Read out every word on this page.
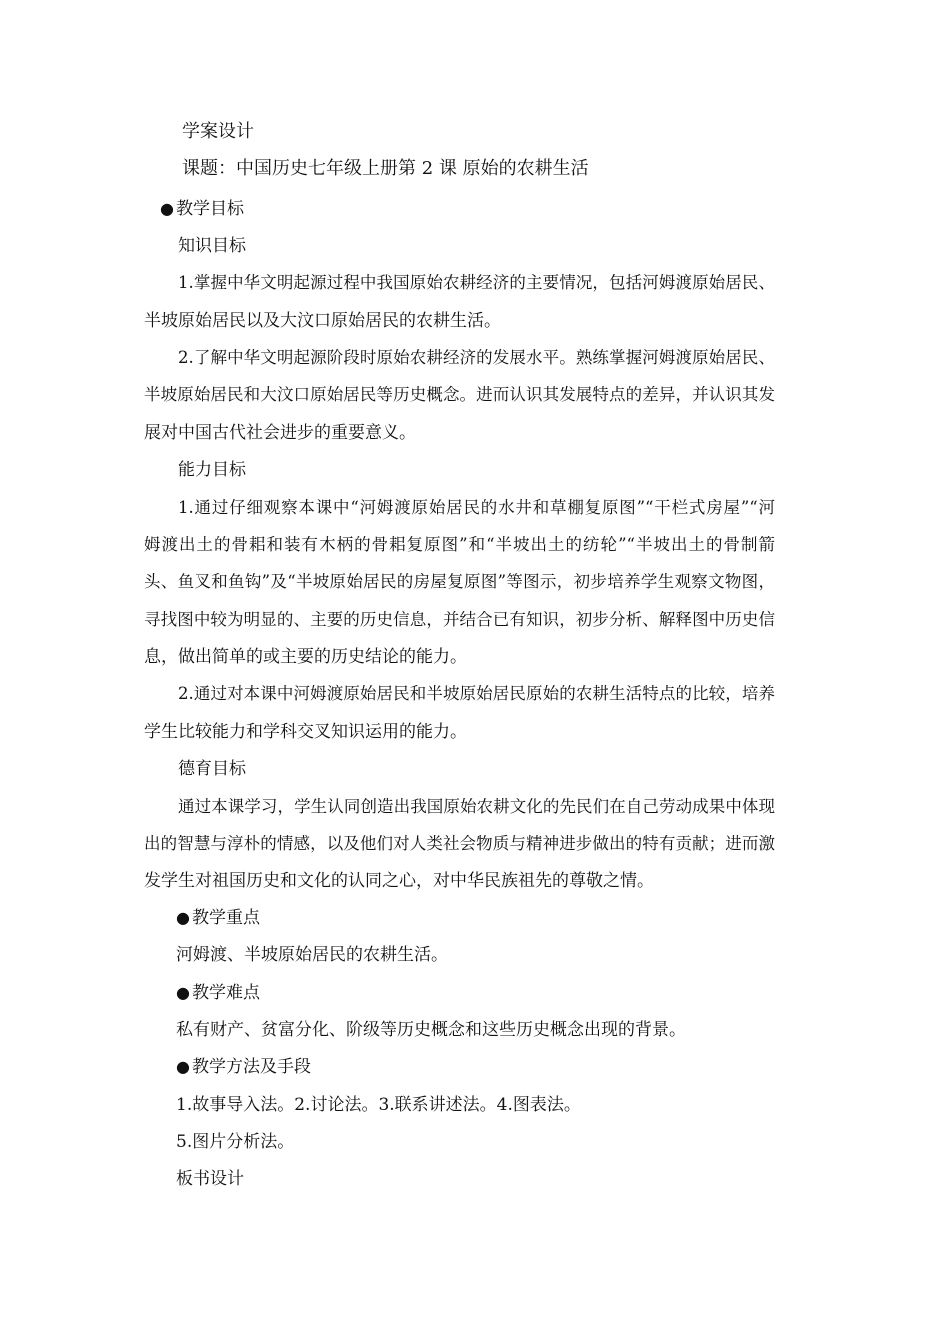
学案设计
课题：中国历史七年级上册第 2 课 原始的农耕生活
● 教学目标
知识目标
1.掌握中华文明起源过程中我国原始农耕经济的主要情况，包括河姆渡原始居民、
半坡原始居民以及大汶口原始居民的农耕生活。
2.了解中华文明起源阶段时原始农耕经济的发展水平。熟练掌握河姆渡原始居民、
半坡原始居民和大汶口原始居民等历史概念。进而认识其发展特点的差异，并认识其发
展对中国古代社会进步的重要意义。
能力目标
1.通过仔细观察本课中“河姆渡原始居民的水井和草棚复原图”“干栏式房屋”“河
姆渡出土的骨耜和装有木柄的骨耜复原图”和“半坡出土的纺轮”“半坡出土的骨制箭
头、鱼叉和鱼钩”及“半坡原始居民的房屋复原图”等图示，初步培养学生观察文物图，
寻找图中较为明显的、主要的历史信息，并结合已有知识，初步分析、解释图中历史信
息，做出简单的或主要的历史结论的能力。
2.通过对本课中河姆渡原始居民和半坡原始居民原始的农耕生活特点的比较，培养
学生比较能力和学科交叉知识运用的能力。
德育目标
通过本课学习，学生认同创造出我国原始农耕文化的先民们在自己劳动成果中体现
出的智慧与淳朴的情感，以及他们对人类社会物质与精神进步做出的特有贡献；进而激
发学生对祖国历史和文化的认同之心，对中华民族祖先的尊敬之情。
● 教学重点
河姆渡、半坡原始居民的农耕生活。
● 教学难点
私有财产、贫富分化、阶级等历史概念和这些历史概念出现的背景。
● 教学方法及手段
1.故事导入法。2.讨论法。3.联系讲述法。4.图表法。
5.图片分析法。
板书设计
